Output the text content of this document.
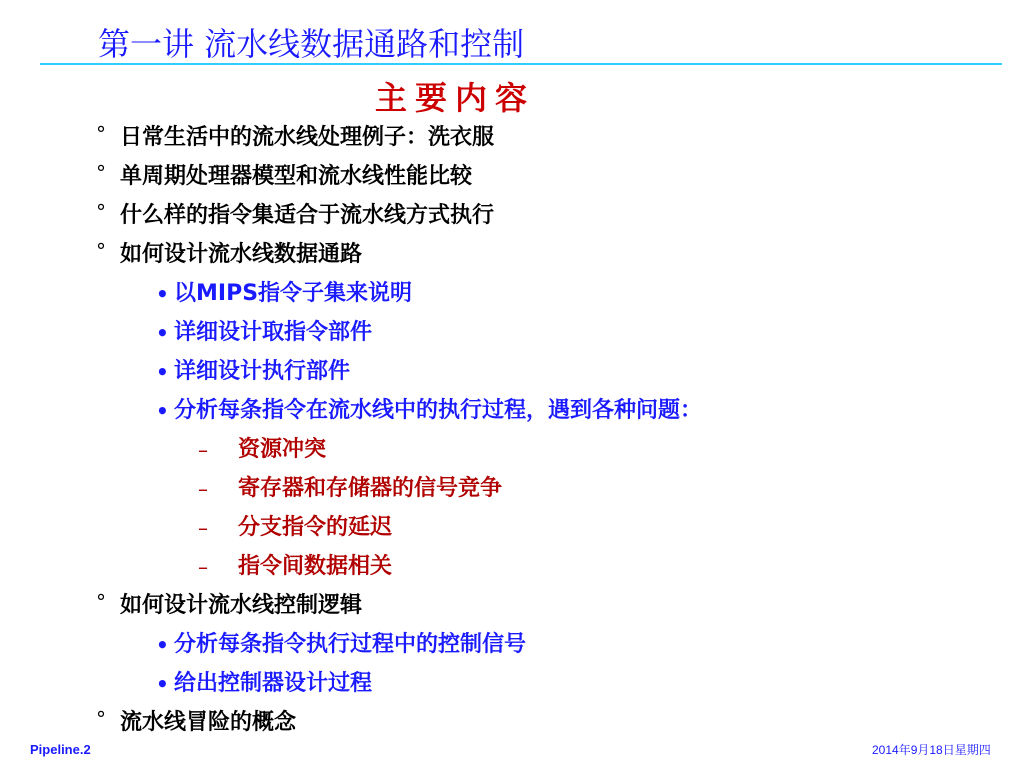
第一讲 流水线数据通路和控制
主要内容
° 日常生活中的流水线处理例子：洗衣服
° 单周期处理器模型和流水线性能比较
° 什么样的指令集适合于流水线方式执行
° 如何设计流水线数据通路
• 以MIPS指令子集来说明
• 详细设计取指令部件
• 详细设计执行部件
• 分析每条指令在流水线中的执行过程，遇到各种问题：
– 资源冲突
– 寄存器和存储器的信号竞争
– 分支指令的延迟
– 指令间数据相关
° 如何设计流水线控制逻辑
• 分析每条指令执行过程中的控制信号
• 给出控制器设计过程
° 流水线冒险的概念
Pipeline.2	2014年9月18日星期四
